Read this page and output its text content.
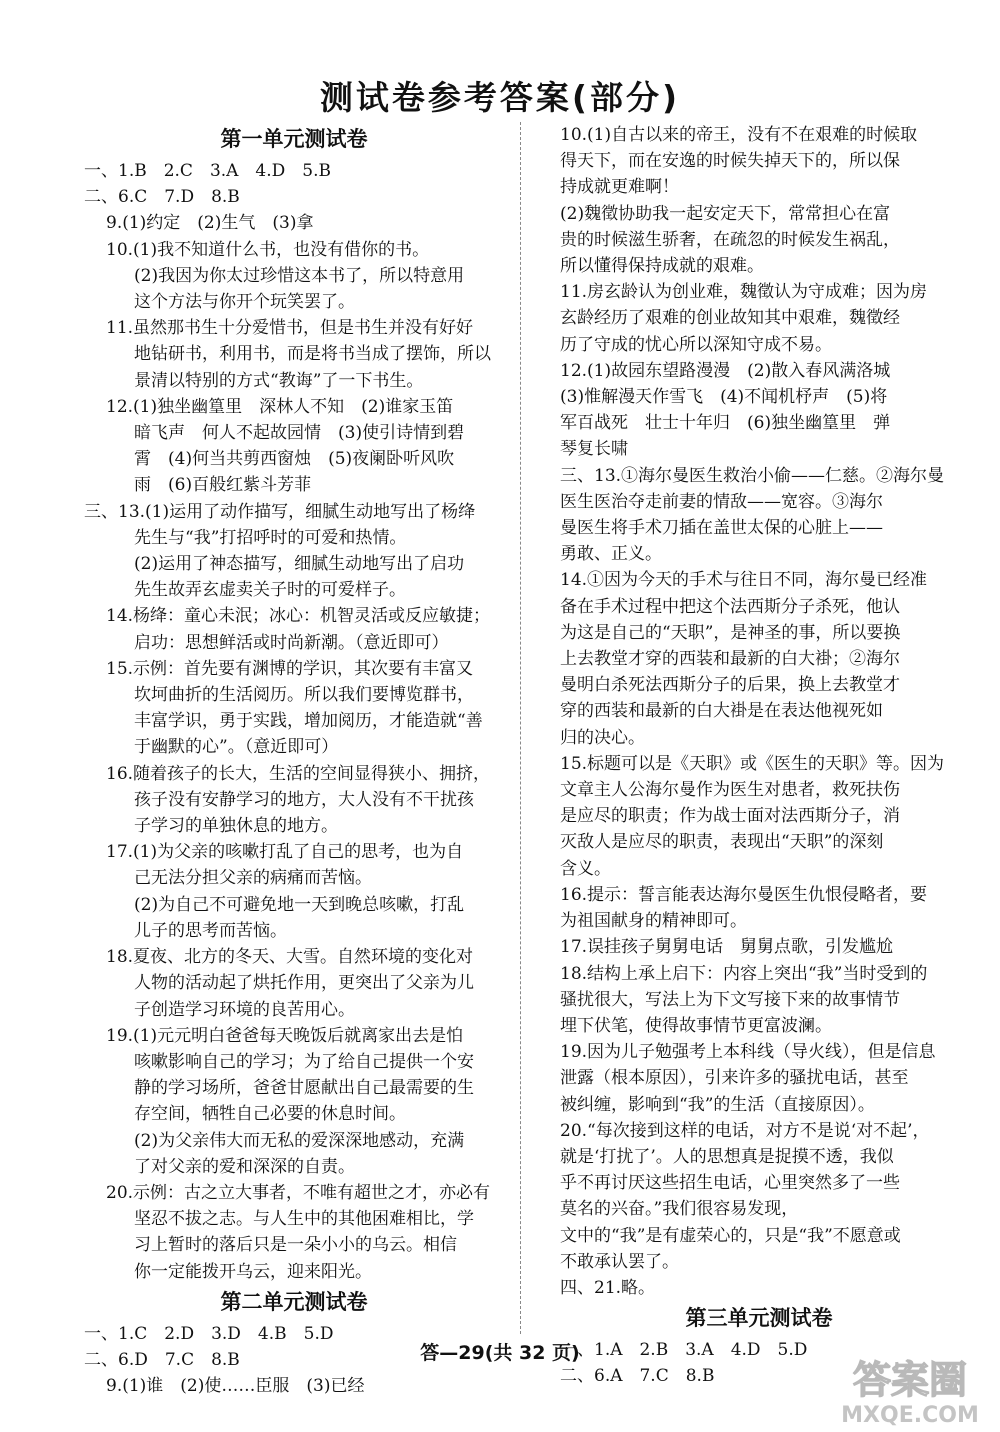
测试卷参考答案(部分)
第一单元测试卷
一、1.B　2.C　3.A　4.D　5.B
二、6.C　7.D　8.B
9.(1)约定　(2)生气　(3)拿
10.(1)我不知道什么书，也没有借你的书。
(2)我因为你太过珍惜这本书了，所以特意用
这个方法与你开个玩笑罢了。
11.虽然那书生十分爱惜书，但是书生并没有好好
地钻研书，利用书，而是将书当成了摆饰，所以
景清以特别的方式“教诲”了一下书生。
12.(1)独坐幽篁里　深林人不知　(2)谁家玉笛
暗飞声　何人不起故园情　(3)使引诗情到碧
霄　(4)何当共剪西窗烛　(5)夜阑卧听风吹
雨　(6)百般红紫斗芳菲
三、13.(1)运用了动作描写，细腻生动地写出了杨绛
先生与“我”打招呼时的可爱和热情。
(2)运用了神态描写，细腻生动地写出了启功
先生故弄玄虚卖关子时的可爱样子。
14.杨绛：童心未泯；冰心：机智灵活或反应敏捷；
启功：思想鲜活或时尚新潮。（意近即可）
15.示例：首先要有渊博的学识，其次要有丰富又
坎坷曲折的生活阅历。所以我们要博览群书，
丰富学识，勇于实践，增加阅历，才能造就“善
于幽默的心”。（意近即可）
16.随着孩子的长大，生活的空间显得狭小、拥挤，
孩子没有安静学习的地方，大人没有不干扰孩
子学习的单独休息的地方。
17.(1)为父亲的咳嗽打乱了自己的思考，也为自
己无法分担父亲的病痛而苦恼。
(2)为自己不可避免地一天到晚总咳嗽，打乱
儿子的思考而苦恼。
18.夏夜、北方的冬天、大雪。自然环境的变化对
人物的活动起了烘托作用，更突出了父亲为儿
子创造学习环境的良苦用心。
19.(1)元元明白爸爸每天晚饭后就离家出去是怕
咳嗽影响自己的学习；为了给自己提供一个安
静的学习场所，爸爸甘愿献出自己最需要的生
存空间，牺牲自己必要的休息时间。
(2)为父亲伟大而无私的爱深深地感动，充满
了对父亲的爱和深深的自责。
20.示例：古之立大事者，不唯有超世之才，亦必有
坚忍不拔之志。与人生中的其他困难相比，学
习上暂时的落后只是一朵小小的乌云。相信
你一定能拨开乌云，迎来阳光。
第二单元测试卷
一、1.C　2.D　3.D　4.B　5.D
二、6.D　7.C　8.B
9.(1)谁　(2)使……臣服　(3)已经
10.(1)自古以来的帝王，没有不在艰难的时候取
得天下，而在安逸的时候失掉天下的，所以保
持成就更难啊！
(2)魏徵协助我一起安定天下，常常担心在富
贵的时候滋生骄奢，在疏忽的时候发生祸乱，
所以懂得保持成就的艰难。
11.房玄龄认为创业难，魏徵认为守成难；因为房
玄龄经历了艰难的创业故知其中艰难，魏徵经
历了守成的忧心所以深知守成不易。
12.(1)故园东望路漫漫　(2)散入春风满洛城
(3)惟解漫天作雪飞　(4)不闻机杼声　(5)将
军百战死　壮士十年归　(6)独坐幽篁里　弹
琴复长啸
三、13.①海尔曼医生救治小偷——仁慈。②海尔曼
医生医治夺走前妻的情敌——宽容。③海尔
曼医生将手术刀插在盖世太保的心脏上——
勇敢、正义。
14.①因为今天的手术与往日不同，海尔曼已经准
备在手术过程中把这个法西斯分子杀死，他认
为这是自己的“天职”，是神圣的事，所以要换
上去教堂才穿的西装和最新的白大褂；②海尔
曼明白杀死法西斯分子的后果，换上去教堂才
穿的西装和最新的白大褂是在表达他视死如
归的决心。
15.标题可以是《天职》或《医生的天职》等。因为
文章主人公海尔曼作为医生对患者，救死扶伤
是应尽的职责；作为战士面对法西斯分子，消
灭敌人是应尽的职责，表现出“天职”的深刻
含义。
16.提示：誓言能表达海尔曼医生仇恨侵略者，要
为祖国献身的精神即可。
17.误挂孩子舅舅电话　舅舅点歌，引发尴尬
18.结构上承上启下：内容上突出“我”当时受到的
骚扰很大，写法上为下文写接下来的故事情节
埋下伏笔，使得故事情节更富波澜。
19.因为儿子勉强考上本科线（导火线），但是信息
泄露（根本原因），引来许多的骚扰电话，甚至
被纠缠，影响到“我”的生活（直接原因）。
20.“每次接到这样的电话，对方不是说‘对不起’，
就是‘打扰了’。人的思想真是捉摸不透，我似
乎不再讨厌这些招生电话，心里突然多了一些
莫名的兴奋。”我们很容易发现，
文中的“我”是有虚荣心的，只是“我”不愿意或
不敢承认罢了。
四、21.略。
第三单元测试卷
一、1.A　2.B　3.A　4.D　5.D
二、6.A　7.C　8.B
答—29(共 32 页)
答案圈
MXQE.COM
